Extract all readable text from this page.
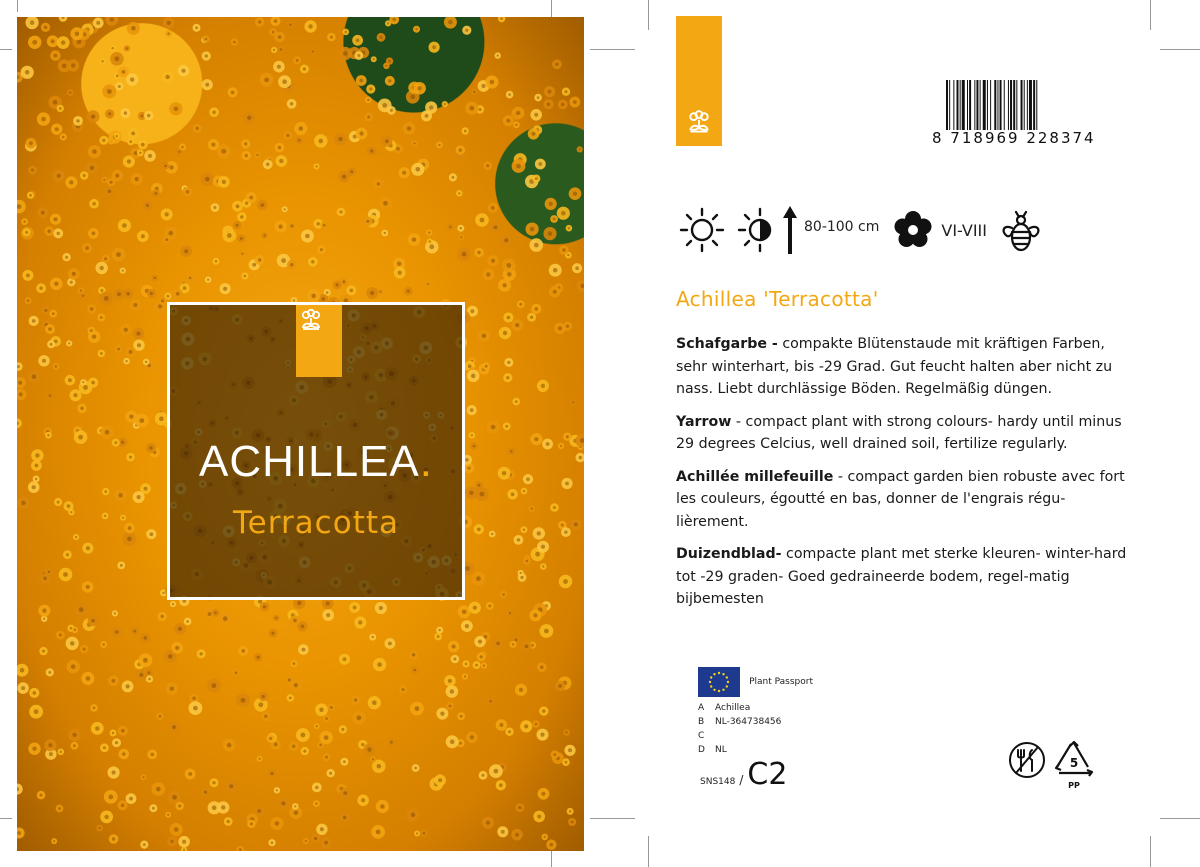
ACHILLEA.
Terracotta
8 718969 228374
80-100 cm	VI-VIII
Achillea 'Terracotta'

Schafgarbe - compakte Blütenstaude mit kräftigen Farben, sehr winterhart, bis -29 Grad. Gut feucht halten aber nicht zu nass. Liebt durchlässige Böden. Regelmäßig düngen.

Yarrow - compact plant with strong colours- hardy until minus 29 degrees Celcius, well drained soil, fertilize regularly.

Achillée millefeuille - compact garden bien robuste avec fort les couleurs, égoutté en bas, donner de l'engrais régu-lièrement.

Duizendblad- compacte plant met sterke kleuren- winter-hard tot -29 graden- Goed gedraineerde bodem, regel-matig bijbemesten

Plant Passport
A Achillea
B NL-364738456
C
D NL
SNS148 / C2	5
PP
